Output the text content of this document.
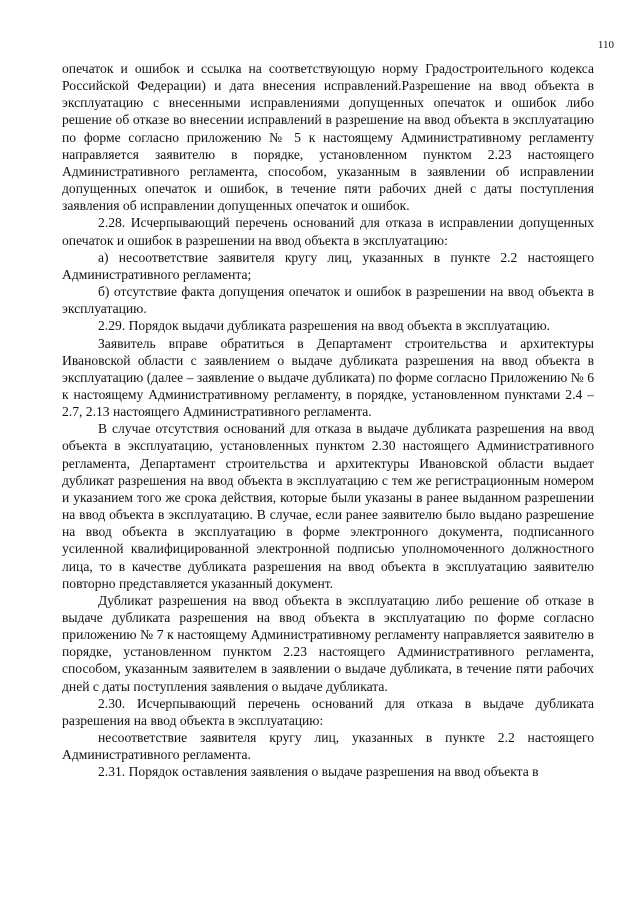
110

опечаток и ошибок и ссылка на соответствующую норму Градостроительного кодекса Российской Федерации) и дата внесения исправлений.Разрешение на ввод объекта в эксплуатацию с внесенными исправлениями допущенных опечаток и ошибок либо решение об отказе во внесении исправлений в разрешение на ввод объекта в эксплуатацию по форме согласно приложению № 5 к настоящему Административному регламенту направляется заявителю в порядке, установленном пунктом 2.23 настоящего Административного регламента, способом, указанным в заявлении об исправлении допущенных опечаток и ошибок, в течение пяти рабочих дней с даты поступления заявления об исправлении допущенных опечаток и ошибок.

2.28. Исчерпывающий перечень оснований для отказа в исправлении допущенных опечаток и ошибок в разрешении на ввод объекта в эксплуатацию:

а) несоответствие заявителя кругу лиц, указанных в пункте 2.2 настоящего Административного регламента;

б) отсутствие факта допущения опечаток и ошибок в разрешении на ввод объекта в эксплуатацию.

2.29. Порядок выдачи дубликата разрешения на ввод объекта в эксплуатацию.

Заявитель вправе обратиться в Департамент строительства и архитектуры Ивановской области с заявлением о выдаче дубликата разрешения на ввод объекта в эксплуатацию (далее – заявление о выдаче дубликата) по форме согласно Приложению № 6 к настоящему Административному регламенту, в порядке, установленном пунктами 2.4 – 2.7, 2.13 настоящего Административного регламента.

В случае отсутствия оснований для отказа в выдаче дубликата разрешения на ввод объекта в эксплуатацию, установленных пунктом 2.30 настоящего Административного регламента, Департамент строительства и архитектуры Ивановской области выдает дубликат разрешения на ввод объекта в эксплуатацию с тем же регистрационным номером и указанием того же срока действия, которые были указаны в ранее выданном разрешении на ввод объекта в эксплуатацию. В случае, если ранее заявителю было выдано разрешение на ввод объекта в эксплуатацию в форме электронного документа, подписанного усиленной квалифицированной электронной подписью уполномоченного должностного лица, то в качестве дубликата разрешения на ввод объекта в эксплуатацию заявителю повторно представляется указанный документ.

Дубликат разрешения на ввод объекта в эксплуатацию либо решение об отказе в выдаче дубликата разрешения на ввод объекта в эксплуатацию по форме согласно приложению № 7 к настоящему Административному регламенту направляется заявителю в порядке, установленном пунктом 2.23 настоящего Административного регламента, способом, указанным заявителем в заявлении о выдаче дубликата, в течение пяти рабочих дней с даты поступления заявления о выдаче дубликата.

2.30. Исчерпывающий перечень оснований для отказа в выдаче дубликата разрешения на ввод объекта в эксплуатацию:

несоответствие заявителя кругу лиц, указанных в пункте 2.2 настоящего Административного регламента.

2.31. Порядок оставления заявления о выдаче разрешения на ввод объекта в
